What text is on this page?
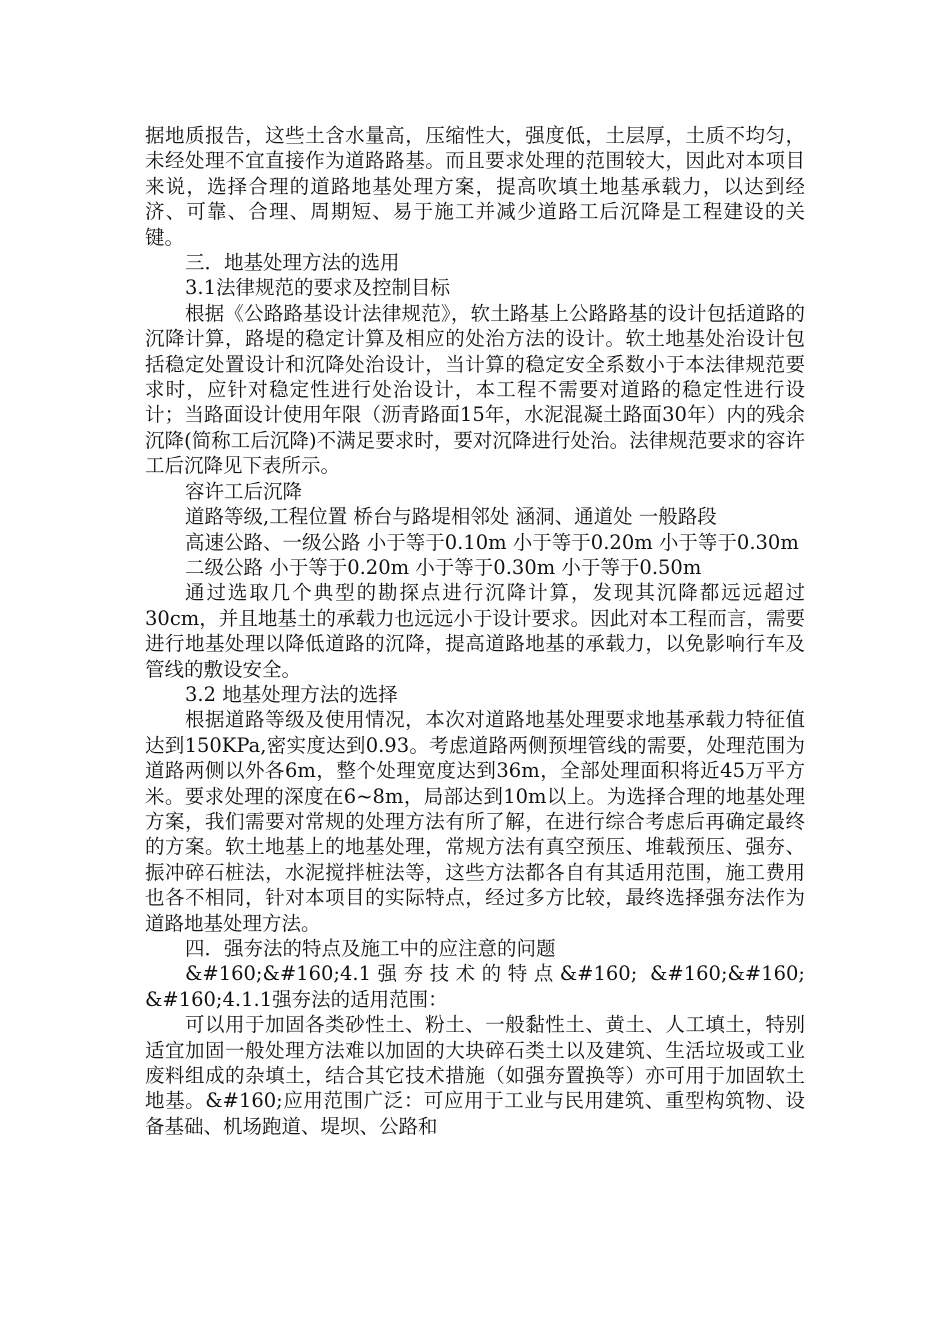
据地质报告，这些土含水量高，压缩性大，强度低，土层厚，土质不均匀，未经处理不宜直接作为道路路基。而且要求处理的范围较大，因此对本项目来说，选择合理的道路地基处理方案，提高吹填土地基承载力，以达到经济、可靠、合理、周期短、易于施工并减少道路工后沉降是工程建设的关键。

三．地基处理方法的选用

3.1法律规范的要求及控制目标

根据《公路路基设计法律规范》，软土路基上公路路基的设计包括道路的沉降计算，路堤的稳定计算及相应的处治方法的设计。软土地基处治设计包括稳定处置设计和沉降处治设计，当计算的稳定安全系数小于本法律规范要求时，应针对稳定性进行处治设计，本工程不需要对道路的稳定性进行设计；当路面设计使用年限（沥青路面15年，水泥混凝土路面30年）内的残余沉降(简称工后沉降)不满足要求时，要对沉降进行处治。法律规范要求的容许工后沉降见下表所示。

容许工后沉降

道路等级,工程位置 桥台与路堤相邻处 涵洞、通道处 一般路段

高速公路、一级公路 小于等于0.10m 小于等于0.20m 小于等于0.30m

二级公路 小于等于0.20m 小于等于0.30m 小于等于0.50m

通过选取几个典型的勘探点进行沉降计算，发现其沉降都远远超过30cm，并且地基土的承载力也远远小于设计要求。因此对本工程而言，需要进行地基处理以降低道路的沉降，提高道路地基的承载力，以免影响行车及管线的敷设安全。

3.2 地基处理方法的选择

根据道路等级及使用情况，本次对道路地基处理要求地基承载力特征值达到150KPa,密实度达到0.93。考虑道路两侧预埋管线的需要，处理范围为道路两侧以外各6m，整个处理宽度达到36m，全部处理面积将近45万平方米。要求处理的深度在6~8m，局部达到10m以上。为选择合理的地基处理方案，我们需要对常规的处理方法有所了解，在进行综合考虑后再确定最终的方案。软土地基上的地基处理，常规方法有真空预压、堆载预压、强夯、振冲碎石桩法，水泥搅拌桩法等，这些方法都各自有其适用范围，施工费用也各不相同，针对本项目的实际特点，经过多方比较，最终选择强夯法作为道路地基处理方法。

四．强夯法的特点及施工中的应注意的问题

&#160;&#160;4.1强夯技术的特点&#160; &#160;&#160; &#160;4.1.1强夯法的适用范围：

可以用于加固各类砂性土、粉土、一般黏性土、黄土、人工填土，特别适宜加固一般处理方法难以加固的大块碎石类土以及建筑、生活垃圾或工业废料组成的杂填土，结合其它技术措施（如强夯置换等）亦可用于加固软土地基。&#160;应用范围广泛：可应用于工业与民用建筑、重型构筑物、设备基础、机场跑道、堤坝、公路和
